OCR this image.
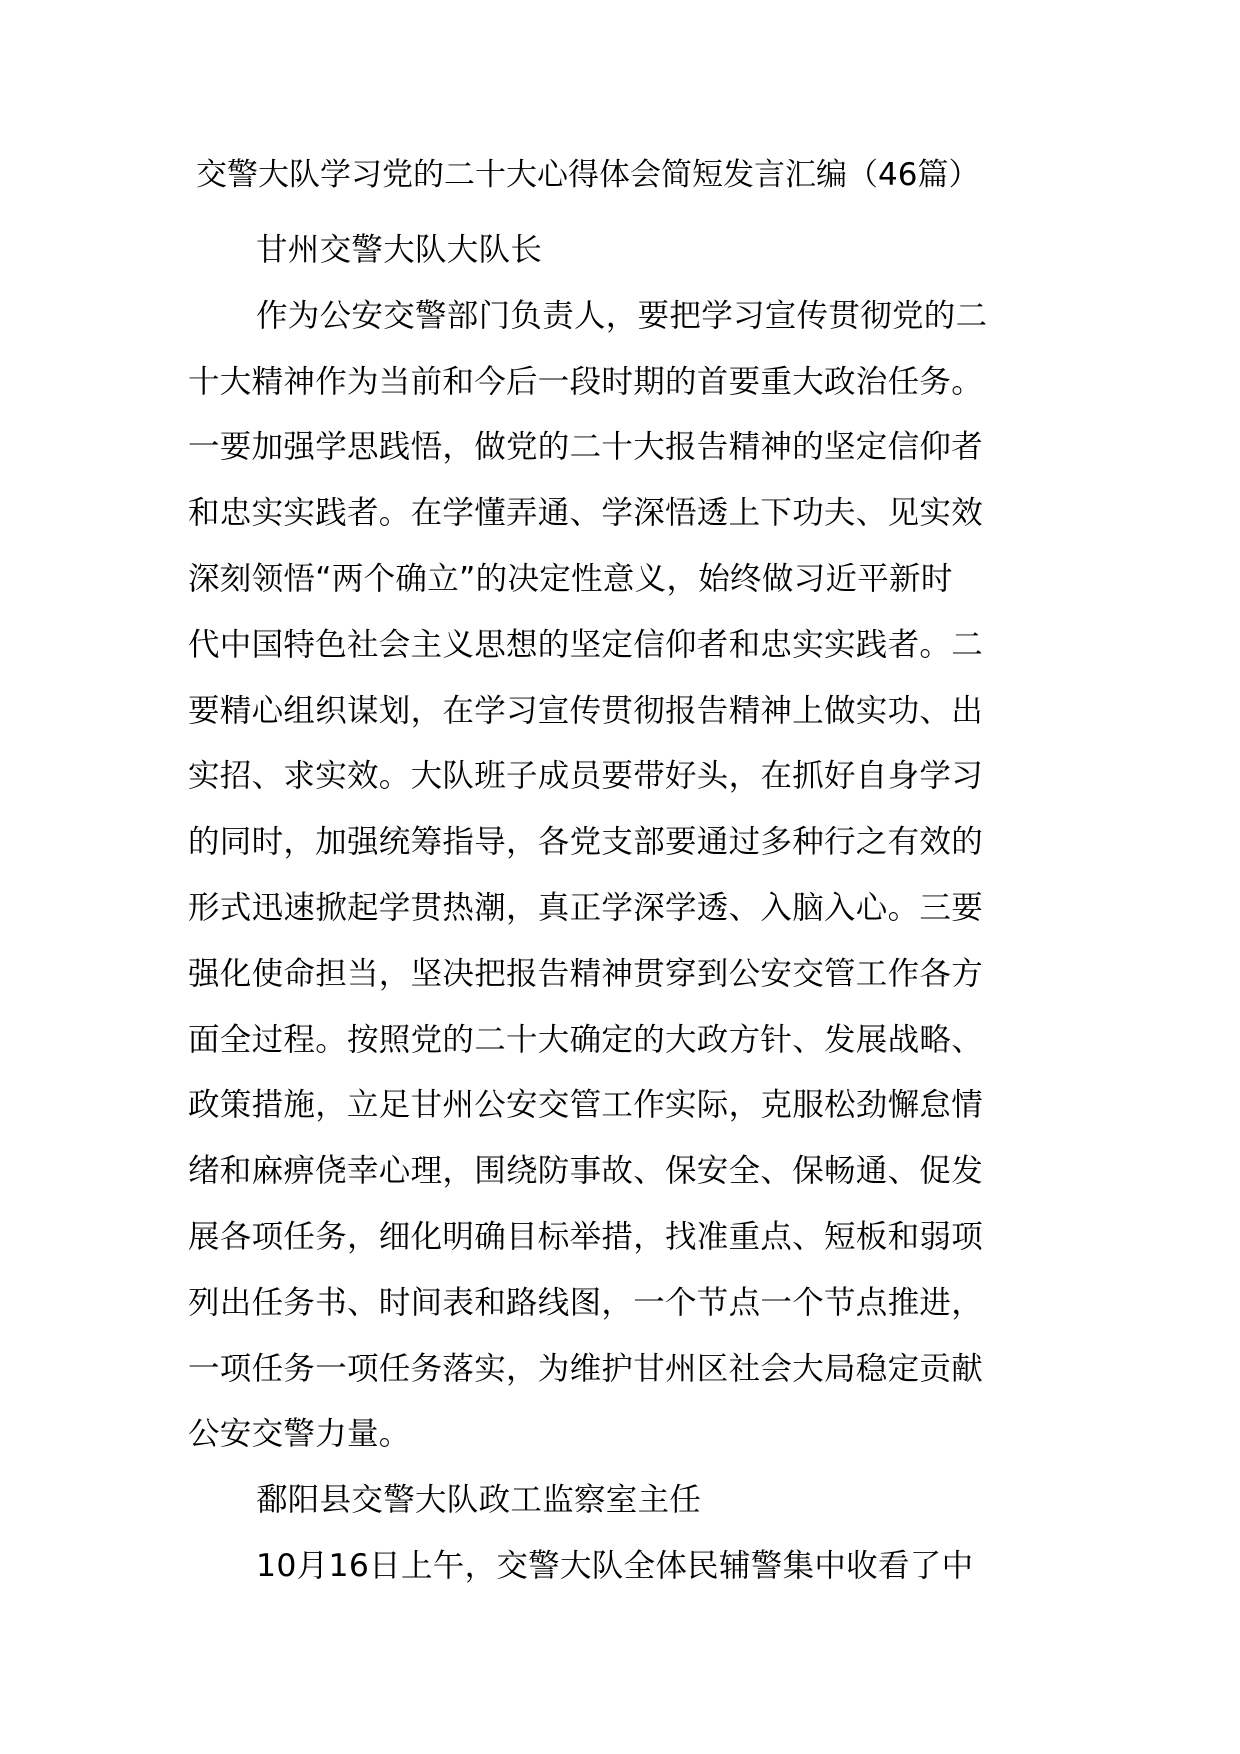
交警大队学习党的二十大心得体会简短发言汇编（46篇）
甘州交警大队大队长
作为公安交警部门负责人，要把学习宣传贯彻党的二
十大精神作为当前和今后一段时期的首要重大政治任务。
一要加强学思践悟，做党的二十大报告精神的坚定信仰者
和忠实实践者。在学懂弄通、学深悟透上下功夫、见实效
深刻领悟“两个确立”的决定性意义，始终做习近平新时
代中国特色社会主义思想的坚定信仰者和忠实实践者。二
要精心组织谋划，在学习宣传贯彻报告精神上做实功、出
实招、求实效。大队班子成员要带好头，在抓好自身学习
的同时，加强统筹指导，各党支部要通过多种行之有效的
形式迅速掀起学贯热潮，真正学深学透、入脑入心。三要
强化使命担当，坚决把报告精神贯穿到公安交管工作各方
面全过程。按照党的二十大确定的大政方针、发展战略、
政策措施，立足甘州公安交管工作实际，克服松劲懈怠情
绪和麻痹侥幸心理，围绕防事故、保安全、保畅通、促发
展各项任务，细化明确目标举措，找准重点、短板和弱项
列出任务书、时间表和路线图，一个节点一个节点推进，
一项任务一项任务落实，为维护甘州区社会大局稳定贡献
公安交警力量。
鄱阳县交警大队政工监察室主任
10月16日上午，交警大队全体民辅警集中收看了中
